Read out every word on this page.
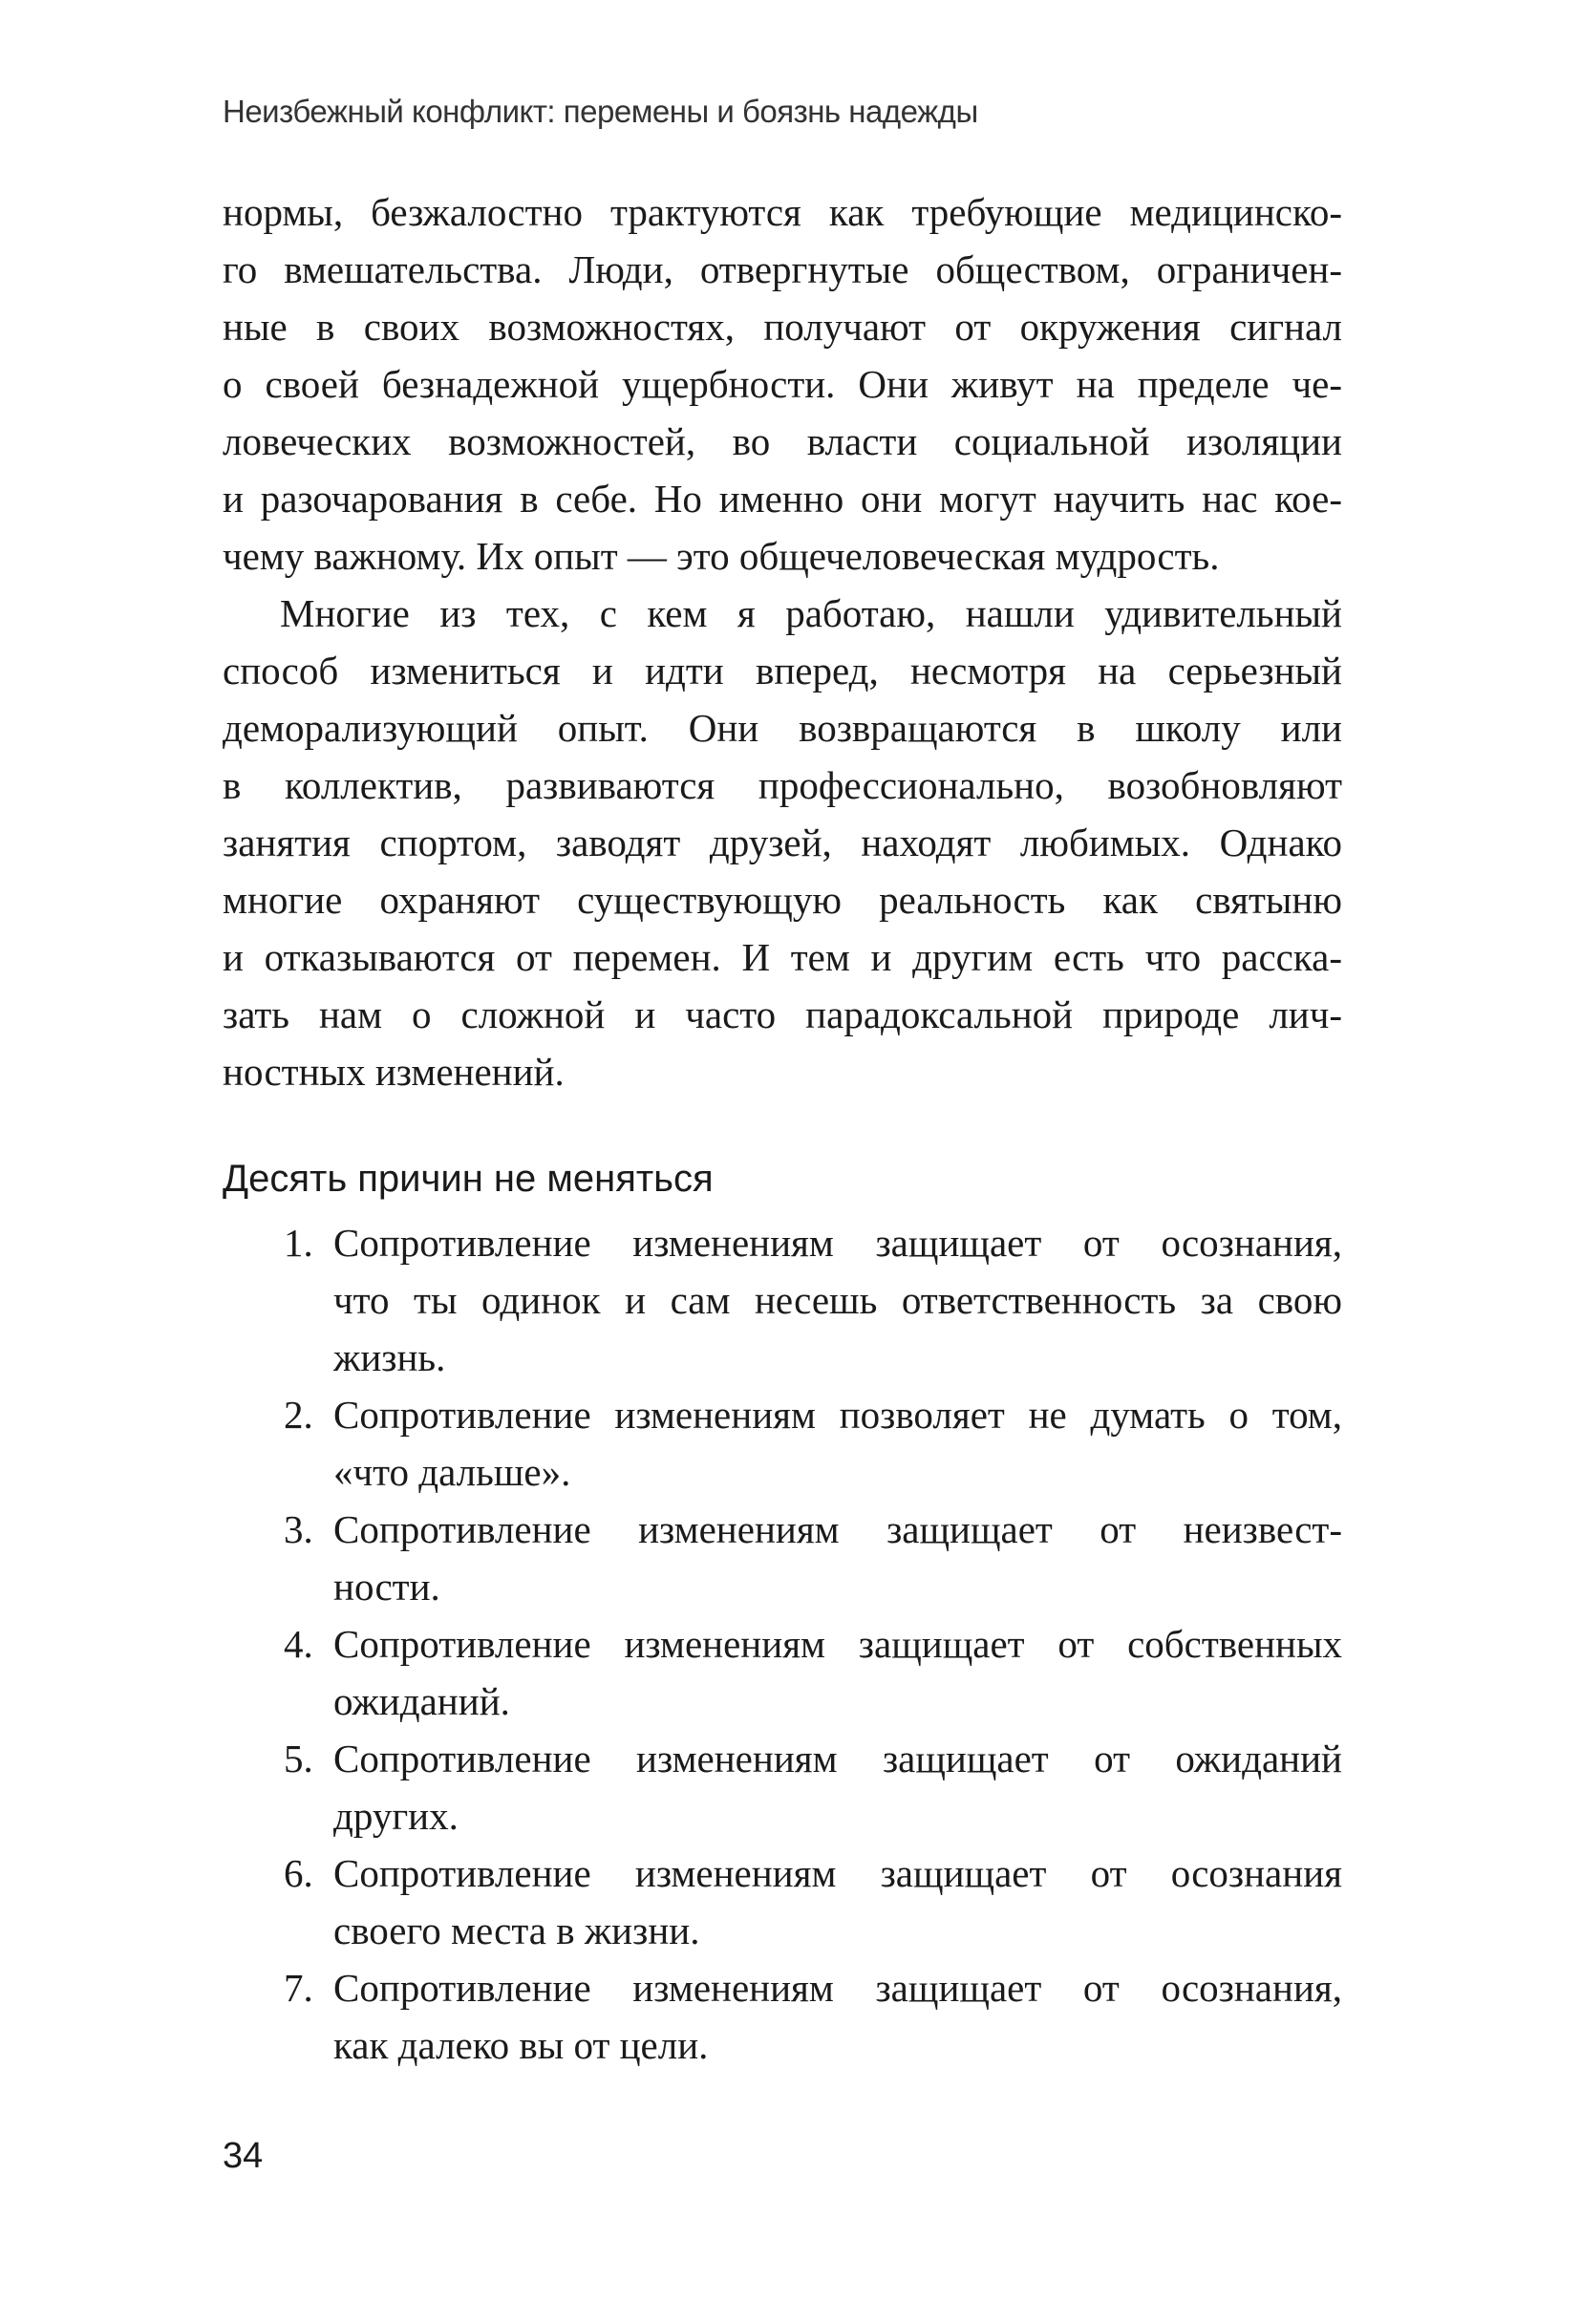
Неизбежный конфликт: перемены и боязнь надежды
нормы, безжалостно трактуются как требующие медицинско-
го вмешательства. Люди, отвергнутые обществом, ограничен-
ные в своих возможностях, получают от окружения сигнал
о своей безнадежной ущербности. Они живут на пределе че-
ловеческих возможностей, во власти социальной изоляции
и разочарования в себе. Но именно они могут научить нас кое-
чему важному. Их опыт — это общечеловеческая мудрость.
Многие из тех, с кем я работаю, нашли удивительный
способ измениться и идти вперед, несмотря на серьезный
деморализующий опыт. Они возвращаются в школу или
в коллектив, развиваются профессионально, возобновляют
занятия спортом, заводят друзей, находят любимых. Однако
многие охраняют существующую реальность как святыню
и отказываются от перемен. И тем и другим есть что расска-
зать нам о сложной и часто парадоксальной природе лич-
ностных изменений.
Десять причин не меняться
1. Сопротивление изменениям защищает от осознания,
что ты одинок и сам несешь ответственность за свою
жизнь.
2. Сопротивление изменениям позволяет не думать о том,
«что дальше».
3. Сопротивление изменениям защищает от неизвест-
ности.
4. Сопротивление изменениям защищает от собственных
ожиданий.
5. Сопротивление изменениям защищает от ожиданий
других.
6. Сопротивление изменениям защищает от осознания
своего места в жизни.
7. Сопротивление изменениям защищает от осознания,
как далеко вы от цели.
34
